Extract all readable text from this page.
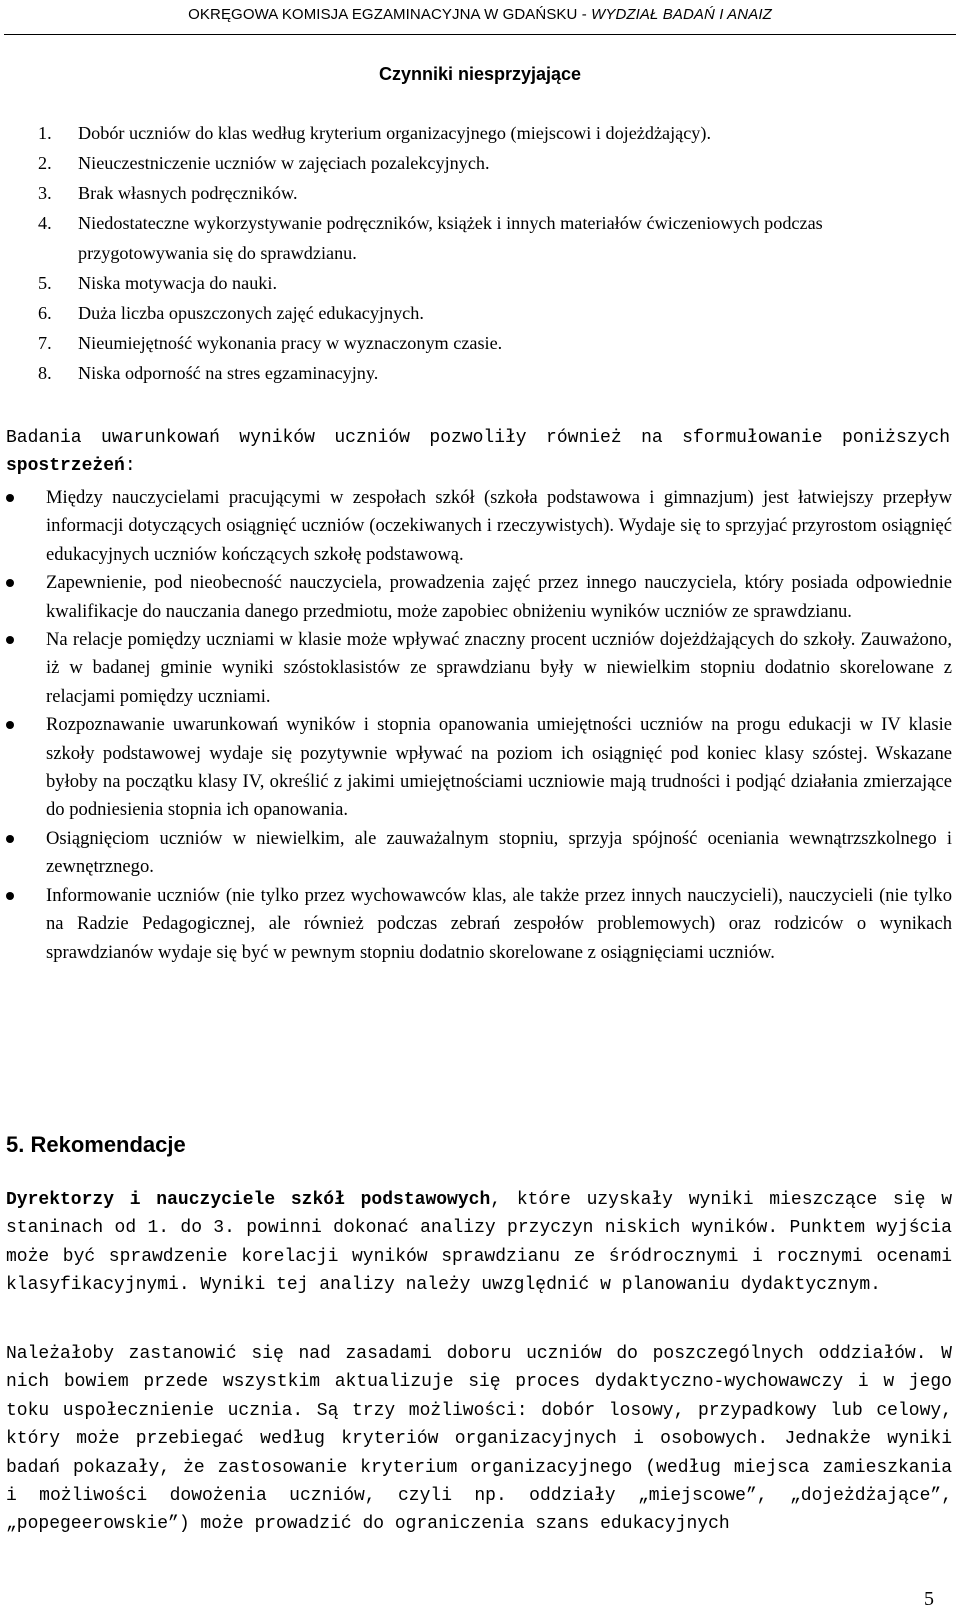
OKRĘGOWA KOMISJA EGZAMINACYJNA W GDAŃSKU - WYDZIAŁ BADAŃ I ANAIZ
Czynniki niesprzyjające
1.	Dobór uczniów do klas według kryterium organizacyjnego (miejscowi i dojeżdżający).
2.	Nieuczestniczenie uczniów w zajęciach pozalekcyjnych.
3.	Brak własnych podręczników.
4.	Niedostateczne wykorzystywanie podręczników, książek i innych materiałów ćwiczeniowych podczas przygotowywania się do sprawdzianu.
5.	Niska motywacja do nauki.
6.	Duża liczba opuszczonych zajęć edukacyjnych.
7.	Nieumiejętność wykonania pracy w wyznaczonym czasie.
8.	Niska odporność na stres egzaminacyjny.

Badania uwarunkowań wyników uczniów pozwoliły również na sformułowanie poniższych spostrzeżeń:

Między nauczycielami pracującymi w zespołach szkół (szkoła podstawowa i gimnazjum) jest łatwiejszy przepływ informacji dotyczących osiągnięć uczniów (oczekiwanych i rzeczywistych). Wydaje się to sprzyjać przyrostom osiągnięć edukacyjnych uczniów kończących szkołę podstawową.
Zapewnienie, pod nieobecność nauczyciela, prowadzenia zajęć przez innego nauczyciela, który posiada odpowiednie kwalifikacje do nauczania danego przedmiotu, może zapobiec obniżeniu wyników uczniów ze sprawdzianu.
Na relacje pomiędzy uczniami w klasie może wpływać znaczny procent uczniów dojeżdżających do szkoły. Zauważono, iż w badanej gminie wyniki szóstoklasistów ze sprawdzianu były w niewielkim stopniu dodatnio skorelowane z relacjami pomiędzy uczniami.
Rozpoznawanie uwarunkowań wyników i stopnia opanowania umiejętności uczniów na progu edukacji w IV klasie szkoły podstawowej wydaje się pozytywnie wpływać na poziom ich osiągnięć pod koniec klasy szóstej. Wskazane byłoby na początku klasy IV, określić z jakimi umiejętnościami uczniowie mają trudności i podjąć działania zmierzające do podniesienia stopnia ich opanowania.
Osiągnięciom uczniów w niewielkim, ale zauważalnym stopniu, sprzyja spójność oceniania wewnątrzszkolnego i zewnętrznego.
Informowanie uczniów (nie tylko przez wychowawców klas, ale także przez innych nauczycieli), nauczycieli (nie tylko na Radzie Pedagogicznej, ale również podczas zebrań zespołów problemowych) oraz rodziców o wynikach sprawdzianów wydaje się być w pewnym stopniu dodatnio skorelowane z osiągnięciami uczniów.
5. Rekomendacje

Dyrektorzy i nauczyciele szkół podstawowych, które uzyskały wyniki mieszczące się w staninach od 1. do 3. powinni dokonać analizy przyczyn niskich wyników. Punktem wyjścia może być sprawdzenie korelacji wyników sprawdzianu ze śródrocznymi i rocznymi ocenami klasyfikacyjnymi. Wyniki tej analizy należy uwzględnić w planowaniu dydaktycznym.

Należałoby zastanowić się nad zasadami doboru uczniów do poszczególnych oddziałów. W nich bowiem przede wszystkim aktualizuje się proces dydaktyczno-wychowawczy i w jego toku uspołecznienie ucznia. Są trzy możliwości: dobór losowy, przypadkowy lub celowy, który może przebiegać według kryteriów organizacyjnych i osobowych. Jednakże wyniki badań pokazały, że zastosowanie kryterium organizacyjnego (według miejsca zamieszkania i możliwości dowożenia uczniów, czyli np. oddziały „miejscowe”, „dojeżdżające”, „popegeerowskie”) może prowadzić do ograniczenia szans edukacyjnych

5
